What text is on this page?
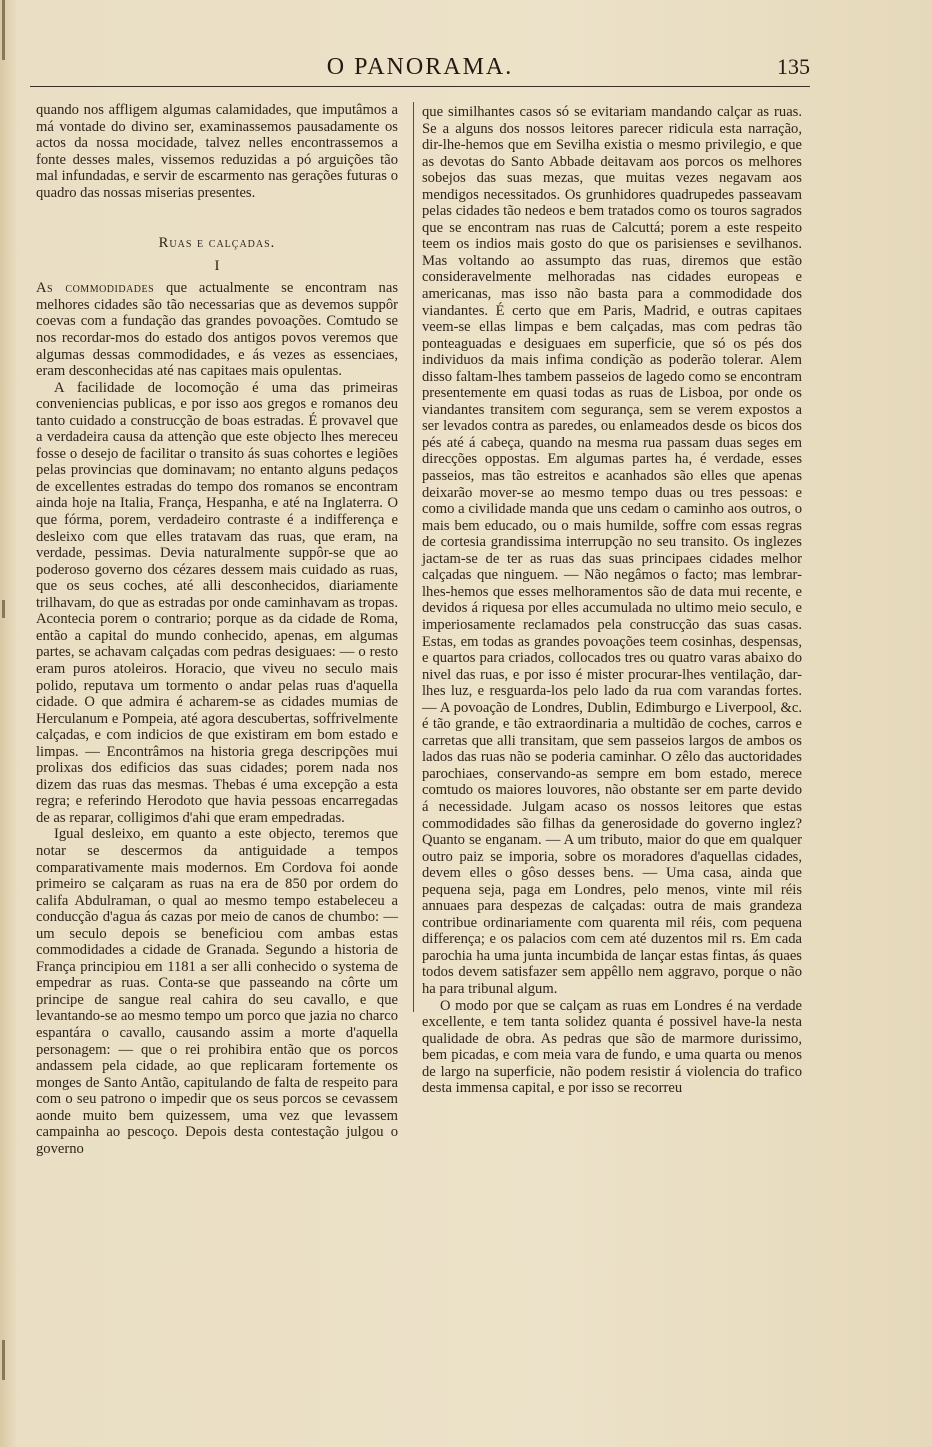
O PANORAMA.	135

quando nos affligem algumas calamidades, que imputâmos a má vontade do divino ser, examinassemos pausadamente os actos da nossa mocidade, talvez nelles encontrassemos a fonte desses males, vissemos reduzidas a pó arguições tão mal infundadas, e servir de escarmento nas gerações futuras o quadro das nossas miserias presentes.

Ruas e calçadas.
I

As commodidades que actualmente se encontram nas melhores cidades são tão necessarias que as devemos suppôr coevas com a fundação das grandes povoações. Comtudo se nos recordar-mos do estado dos antigos povos veremos que algumas dessas commodidades, e ás vezes as essenciaes, eram desconhecidas até nas capitaes mais opulentas.

A facilidade de locomoção é uma das primeiras conveniencias publicas, e por isso aos gregos e romanos deu tanto cuidado a construcção de boas estradas. É provavel que a verdadeira causa da attenção que este objecto lhes mereceu fosse o desejo de facilitar o transito ás suas cohortes e legiões pelas provincias que dominavam; no entanto alguns pedaços de excellentes estradas do tempo dos romanos se encontram ainda hoje na Italia, França, Hespanha, e até na Inglaterra. O que fórma, porem, verdadeiro contraste é a indifferença e desleixo com que elles tratavam das ruas, que eram, na verdade, pessimas. Devia naturalmente suppôr-se que ao poderoso governo dos cézares dessem mais cuidado as ruas, que os seus coches, até alli desconhecidos, diariamente trilhavam, do que as estradas por onde caminhavam as tropas. Acontecia porem o contrario; porque as da cidade de Roma, então a capital do mundo conhecido, apenas, em algumas partes, se achavam calçadas com pedras desiguaes: — o resto eram puros atoleiros. Horacio, que viveu no seculo mais polido, reputava um tormento o andar pelas ruas d'aquella cidade. O que admira é acharem-se as cidades mumias de Herculanum e Pompeia, até agora descubertas, soffrivelmente calçadas, e com indicios de que existiram em bom estado e limpas. — Encontrâmos na historia grega descripções mui prolixas dos edificios das suas cidades; porem nada nos dizem das ruas das mesmas. Thebas é uma excepção a esta regra; e referindo Herodoto que havia pessoas encarregadas de as reparar, colligimos d'ahi que eram empedradas.

Igual desleixo, em quanto a este objecto, teremos que notar se descermos da antiguidade a tempos comparativamente mais modernos. Em Cordova foi aonde primeiro se calçaram as ruas na era de 850 por ordem do califa Abdulraman, o qual ao mesmo tempo estabeleceu a conducção d'agua ás cazas por meio de canos de chumbo: — um seculo depois se beneficiou com ambas estas commodidades a cidade de Granada. Segundo a historia de França principiou em 1181 a ser alli conhecido o systema de empedrar as ruas. Conta-se que passeando na côrte um principe de sangue real cahira do seu cavallo, e que levantando-se ao mesmo tempo um porco que jazia no charco espantára o cavallo, causando assim a morte d'aquella personagem: — que o rei prohibira então que os porcos andassem pela cidade, ao que replicaram fortemente os monges de Santo Antão, capitulando de falta de respeito para com o seu patrono o impedir que os seus porcos se cevassem aonde muito bem quizessem, uma vez que levassem campainha ao pescoço. Depois desta contestação julgou o governo

que similhantes casos só se evitariam mandando calçar as ruas. Se a alguns dos nossos leitores parecer ridicula esta narração, dir-lhe-hemos que em Sevilha existia o mesmo privilegio, e que as devotas do Santo Abbade deitavam aos porcos os melhores sobejos das suas mezas, que muitas vezes negavam aos mendigos necessitados. Os grunhidores quadrupedes passeavam pelas cidades tão nedeos e bem tratados como os touros sagrados que se encontram nas ruas de Calcuttá; porem a este respeito teem os indios mais gosto do que os parisienses e sevilhanos. Mas voltando ao assumpto das ruas, diremos que estão consideravelmente melhoradas nas cidades europeas e americanas, mas isso não basta para a commodidade dos viandantes. É certo que em Paris, Madrid, e outras capitaes veem-se ellas limpas e bem calçadas, mas com pedras tão ponteaguadas e desiguaes em superficie, que só os pés dos individuos da mais infima condição as poderão tolerar. Alem disso faltam-lhes tambem passeios de lagedo como se encontram presentemente em quasi todas as ruas de Lisboa, por onde os viandantes transitem com segurança, sem se verem expostos a ser levados contra as paredes, ou enlameados desde os bicos dos pés até á cabeça, quando na mesma rua passam duas seges em direcções oppostas. Em algumas partes ha, é verdade, esses passeios, mas tão estreitos e acanhados são elles que apenas deixarão mover-se ao mesmo tempo duas ou tres pessoas: e como a civilidade manda que uns cedam o caminho aos outros, o mais bem educado, ou o mais humilde, soffre com essas regras de cortesia grandissima interrupção no seu transito. Os inglezes jactam-se de ter as ruas das suas principaes cidades melhor calçadas que ninguem. — Não negâmos o facto; mas lembrar-lhes-hemos que esses melhoramentos são de data mui recente, e devidos á riquesa por elles accumulada no ultimo meio seculo, e imperiosamente reclamados pela construcção das suas casas. Estas, em todas as grandes povoações teem cosinhas, despensas, e quartos para criados, collocados tres ou quatro varas abaixo do nivel das ruas, e por isso é mister procurar-lhes ventilação, dar-lhes luz, e resguarda-los pelo lado da rua com varandas fortes. — A povoação de Londres, Dublin, Edimburgo e Liverpool, &c. é tão grande, e tão extraordinaria a multidão de coches, carros e carretas que alli transitam, que sem passeios largos de ambos os lados das ruas não se poderia caminhar. O zêlo das auctoridades parochiaes, conservando-as sempre em bom estado, merece comtudo os maiores louvores, não obstante ser em parte devido á necessidade. Julgam acaso os nossos leitores que estas commodidades são filhas da generosidade do governo inglez? Quanto se enganam. — A um tributo, maior do que em qualquer outro paiz se imporia, sobre os moradores d'aquellas cidades, devem elles o gôso desses bens. — Uma casa, ainda que pequena seja, paga em Londres, pelo menos, vinte mil réis annuaes para despezas de calçadas: outra de mais grandeza contribue ordinariamente com quarenta mil réis, com pequena differença; e os palacios com cem até duzentos mil rs. Em cada parochia ha uma junta incumbida de lançar estas fintas, ás quaes todos devem satisfazer sem appêllo nem aggravo, porque o não ha para tribunal algum.

O modo por que se calçam as ruas em Londres é na verdade excellente, e tem tanta solidez quanta é possivel have-la nesta qualidade de obra. As pedras que são de marmore durissimo, bem picadas, e com meia vara de fundo, e uma quarta ou menos de largo na superficie, não podem resistir á violencia do trafico desta immensa capital, e por isso se recorreu
